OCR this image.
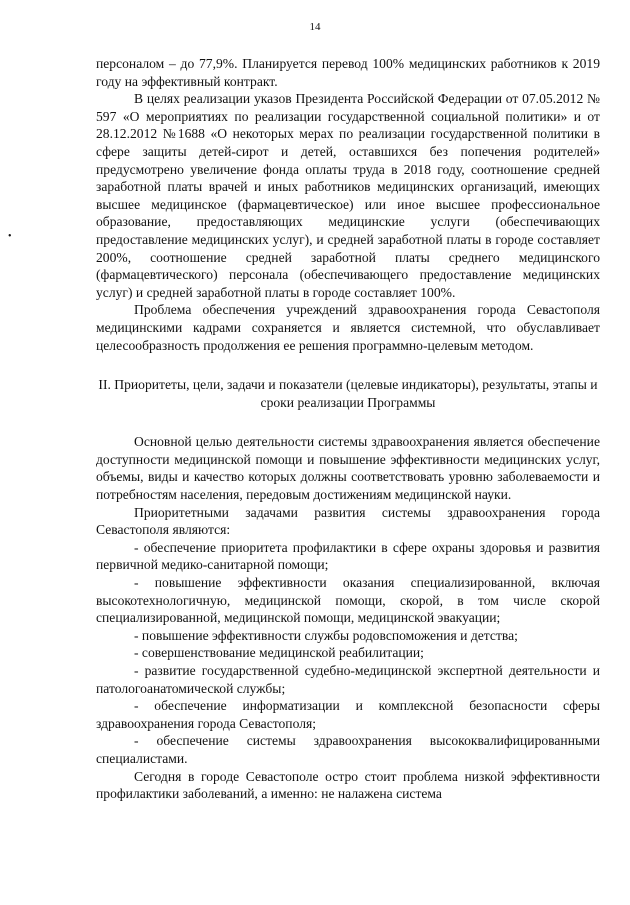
14
•

персоналом – до 77,9%. Планируется перевод 100% медицинских работников к 2019 году на эффективный контракт.

В целях реализации указов Президента Российской Федерации от 07.05.2012 № 597 «О мероприятиях по реализации государственной социальной политики» и от 28.12.2012 №1688 «О некоторых мерах по реализации государственной политики в сфере защиты детей-сирот и детей, оставшихся без попечения родителей» предусмотрено увеличение фонда оплаты труда в 2018 году, соотношение средней заработной платы врачей и иных работников медицинских организаций, имеющих высшее медицинское (фармацевтическое) или иное высшее профессиональное образование, предоставляющих медицинские услуги (обеспечивающих предоставление медицинских услуг), и средней заработной платы в городе составляет 200%, соотношение средней заработной платы среднего медицинского (фармацевтического) персонала (обеспечивающего предоставление медицинских услуг) и средней заработной платы в городе составляет 100%.

Проблема обеспечения учреждений здравоохранения города Севастополя медицинскими кадрами сохраняется и является системной, что обуславливает целесообразность продолжения ее решения программно-целевым методом.

II. Приоритеты, цели, задачи и показатели (целевые индикаторы), результаты, этапы и сроки реализации Программы

Основной целью деятельности системы здравоохранения является обеспечение доступности медицинской помощи и повышение эффективности медицинских услуг, объемы, виды и качество которых должны соответствовать уровню заболеваемости и потребностям населения, передовым достижениям медицинской науки.

Приоритетными задачами развития системы здравоохранения города Севастополя являются:

- обеспечение приоритета профилактики в сфере охраны здоровья и развития первичной медико-санитарной помощи;

- повышение эффективности оказания специализированной, включая высокотехнологичную, медицинской помощи, скорой, в том числе скорой специализированной, медицинской помощи, медицинской эвакуации;

- повышение эффективности службы родовспоможения и детства;

- совершенствование медицинской реабилитации;

- развитие государственной судебно-медицинской экспертной деятельности и патологоанатомической службы;

- обеспечение информатизации и комплексной безопасности сферы здравоохранения города Севастополя;

- обеспечение системы здравоохранения высококвалифицированными специалистами.

Сегодня в городе Севастополе остро стоит проблема низкой эффективности профилактики заболеваний, а именно: не налажена система
